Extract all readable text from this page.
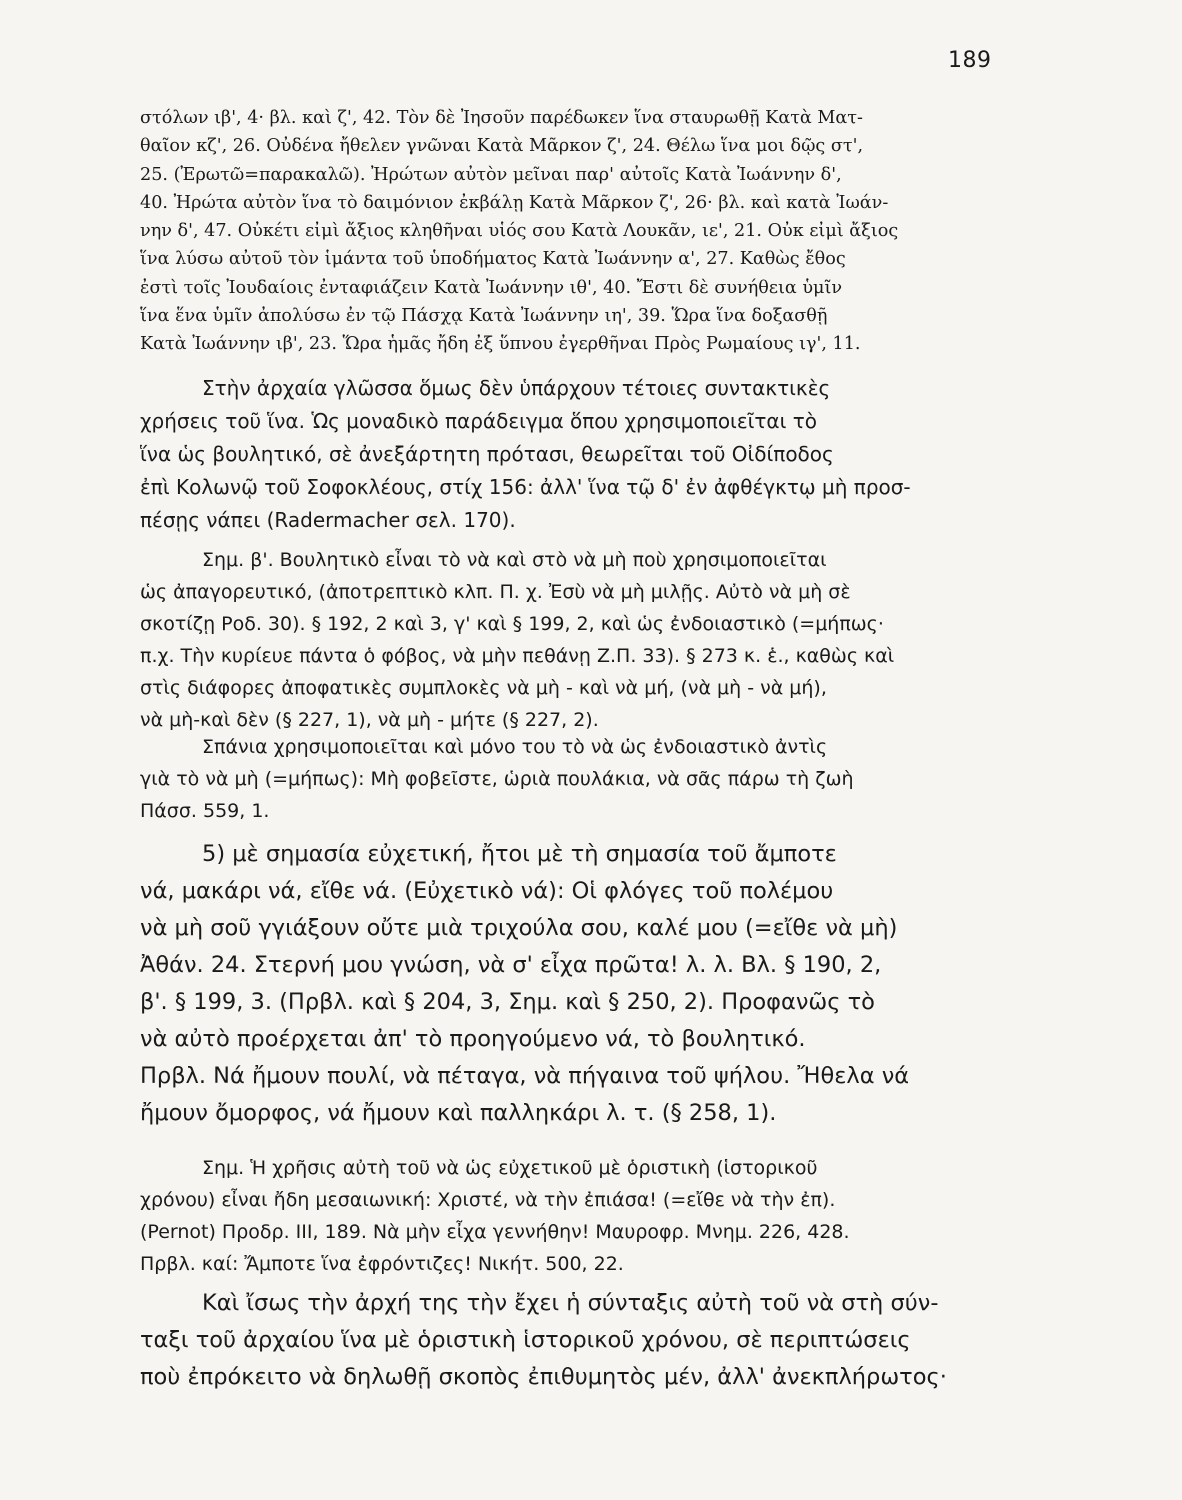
189

στόλων ιβ', 4· βλ. καὶ ζ', 42. Τὸν δὲ Ἰησοῦν παρέδωκεν ἵνα σταυρωθῇ Κατὰ Ματ-

θαῖον κζ', 26. Οὐδένα ἤθελεν γνῶναι Κατὰ Μᾶρκον ζ', 24. Θέλω ἵνα μοι δῷς στ',

25. (Ἐρωτῶ=παρακαλῶ). Ἠρώτων αὐτὸν μεῖναι παρ' αὐτοῖς Κατὰ Ἰωάννην δ',

40. Ἠρώτα αὐτὸν ἵνα τὸ δαιμόνιον ἐκβάλῃ Κατὰ Μᾶρκον ζ', 26· βλ. καὶ κατὰ Ἰωάν-

νην δ', 47. Οὐκέτι εἰμὶ ἄξιος κληθῆναι υἱός σου Κατὰ Λουκᾶν, ιε', 21. Οὐκ εἰμὶ ἄξιος

ἵνα λύσω αὐτοῦ τὸν ἱμάντα τοῦ ὑποδήματος Κατὰ Ἰωάννην α', 27. Καθὼς ἔθος

ἐστὶ τοῖς Ἰουδαίοις ἐνταφιάζειν Κατὰ Ἰωάννην ιθ', 40. Ἔστι δὲ συνήθεια ὑμῖν

ἵνα ἕνα ὑμῖν ἀπολύσω ἐν τῷ Πάσχᾳ Κατὰ Ἰωάννην ιη', 39. Ὥρα ἵνα δοξασθῇ

Κατὰ Ἰωάννην ιβ', 23. Ὥρα ἡμᾶς ἤδη ἐξ ὕπνου ἐγερθῆναι Πρὸς Ρωμαίους ιγ', 11.

Στὴν ἀρχαία γλῶσσα ὅμως δὲν ὑπάρχουν τέτοιες συντακτικὲς

χρήσεις τοῦ ἵνα. Ὡς μοναδικὸ παράδειγμα ὅπου χρησιμοποιεῖται τὸ

ἵνα ὡς βουλητικό, σὲ ἀνεξάρτητη πρότασι, θεωρεῖται τοῦ Οἰδίποδος

ἐπὶ Κολωνῷ τοῦ Σοφοκλέους, στίχ 156: ἀλλ' ἵνα τῷ δ' ἐν ἀφθέγκτῳ μὴ προσ-

πέσῃς νάπει (Radermacher σελ. 170).

Σημ. β'. Βουλητικὸ εἶναι τὸ νὰ καὶ στὸ νὰ μὴ ποὺ χρησιμοποιεῖται

ὡς ἀπαγορευτικό, (ἀποτρεπτικὸ κλπ. Π. χ. Ἐσὺ νὰ μὴ μιλῇς. Αὐτὸ νὰ μὴ σὲ

σκοτίζῃ Ροδ. 30). § 192, 2 καὶ 3, γ' καὶ § 199, 2, καὶ ὡς ἐνδοιαστικὸ (=μήπως·

π.χ. Τὴν κυρίευε πάντα ὁ φόβος, νὰ μὴν πεθάνῃ Ζ.Π. 33). § 273 κ. ἑ., καθὼς καὶ

στὶς διάφορες ἀποφατικὲς συμπλοκὲς νὰ μὴ - καὶ νὰ μή, (νὰ μὴ - νὰ μή),

νὰ μὴ-καὶ δὲν (§ 227, 1), νὰ μὴ - μήτε (§ 227, 2).

Σπάνια χρησιμοποιεῖται καὶ μόνο του τὸ νὰ ὡς ἐνδοιαστικὸ ἀντὶς

γιὰ τὸ νὰ μὴ (=μήπως): Μὴ φοβεῖστε, ὡριὰ πουλάκια, νὰ σᾶς πάρω τὴ ζωὴ

Πάσσ. 559, 1.

5) μὲ σημασία εὐχετική, ἤτοι μὲ τὴ σημασία τοῦ ἄμποτε

νά, μακάρι νά, εἴθε νά. (Εὐχετικὸ νά): Οἱ φλόγες τοῦ πολέμου

νὰ μὴ σοῦ γγιάξουν οὔτε μιὰ τριχούλα σου, καλέ μου (=εἴθε νὰ μὴ)

Ἀθάν. 24. Στερνή μου γνώση, νὰ σ' εἶχα πρῶτα! λ. λ. Βλ. § 190, 2,

β'. § 199, 3. (Πρβλ. καὶ § 204, 3, Σημ. καὶ § 250, 2). Προφανῶς τὸ

νὰ αὐτὸ προέρχεται ἀπ' τὸ προηγούμενο νά, τὸ βουλητικό.

Πρβλ. Νά ἤμουν πουλί, νὰ πέταγα, νὰ πήγαινα τοῦ ψήλου. Ἤθελα νά

ἤμουν ὄμορφος, νά ἤμουν καὶ παλληκάρι λ. τ. (§ 258, 1).

Σημ. Ἡ χρῆσις αὐτὴ τοῦ νὰ ὡς εὐχετικοῦ μὲ ὁριστικὴ (ἱστορικοῦ

χρόνου) εἶναι ἤδη μεσαιωνική: Χριστέ, νὰ τὴν ἐπιάσα! (=εἴθε νὰ τὴν ἐπ).

(Pernot) Προδρ. III, 189. Νὰ μὴν εἶχα γεννήθην! Μαυροφρ. Μνημ. 226, 428.

Πρβλ. καί: Ἄμποτε ἵνα ἐφρόντιζες! Νικήτ. 500, 22.

Καὶ ἴσως τὴν ἀρχή της τὴν ἔχει ἡ σύνταξις αὐτὴ τοῦ νὰ στὴ σύν-

ταξι τοῦ ἀρχαίου ἵνα μὲ ὁριστικὴ ἱστορικοῦ χρόνου, σὲ περιπτώσεις

ποὺ ἐπρόκειτο νὰ δηλωθῇ σκοπὸς ἐπιθυμητὸς μέν, ἀλλ' ἀνεκπλήρωτος·
